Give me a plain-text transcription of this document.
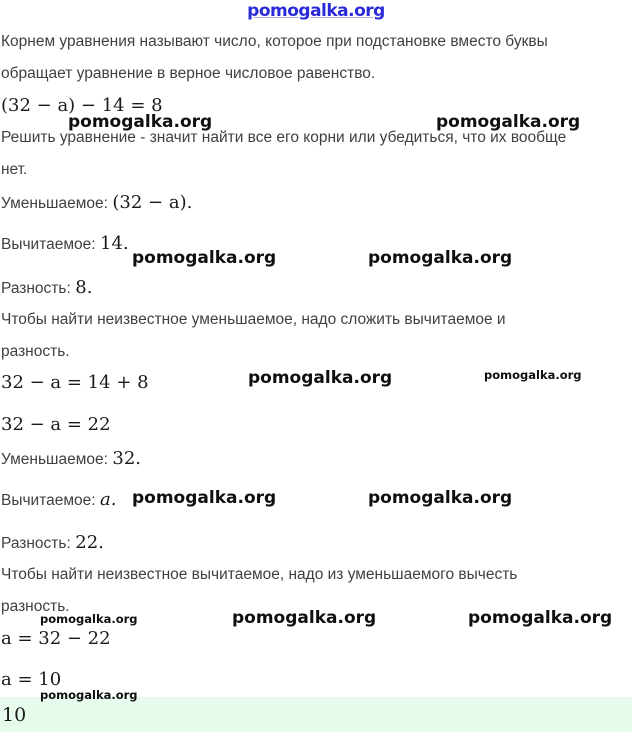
pomogalka.org
Корнем уравнения называют число, которое при подстановке вместо буквы
обращает уравнение в верное числовое равенство.
(32 − a) − 14 = 8
Решить уравнение - значит найти все его корни или убедиться, что их вообще
нет.
Уменьшаемое: (32 − a).
Вычитаемое: 14.
Разность: 8.
Чтобы найти неизвестное уменьшаемое, надо сложить вычитаемое и
разность.
32 − a = 14 + 8
32 − a = 22
Уменьшаемое: 32.
Вычитаемое: a.
Разность: 22.
Чтобы найти неизвестное вычитаемое, надо из уменьшаемого вычесть
разность.
a = 32 − 22
a = 10
10
pomogalka.org	pomogalka.org
pomogalka.org	pomogalka.org
pomogalka.org	pomogalka.org
pomogalka.org	pomogalka.org
pomogalka.org	pomogalka.org	pomogalka.org
pomogalka.org
